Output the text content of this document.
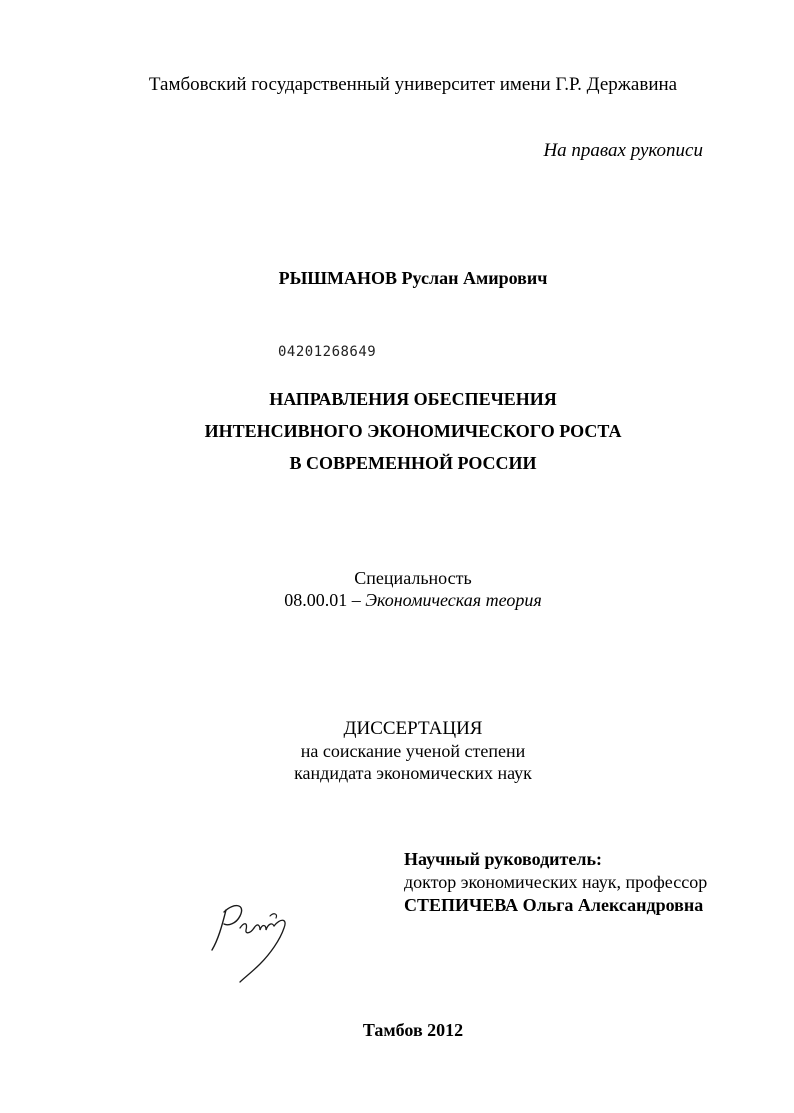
Тамбовский государственный университет имени Г.Р. Державина
На правах рукописи
РЫШМАНОВ Руслан Амирович
04201268649
НАПРАВЛЕНИЯ ОБЕСПЕЧЕНИЯ
ИНТЕНСИВНОГО ЭКОНОМИЧЕСКОГО РОСТА
В СОВРЕМЕННОЙ РОССИИ
Специальность
08.00.01 – Экономическая теория
ДИССЕРТАЦИЯ
на соискание ученой степени
кандидата экономических наук
Научный руководитель:
доктор экономических наук, профессор
СТЕПИЧЕВА Ольга Александровна
Тамбов 2012
